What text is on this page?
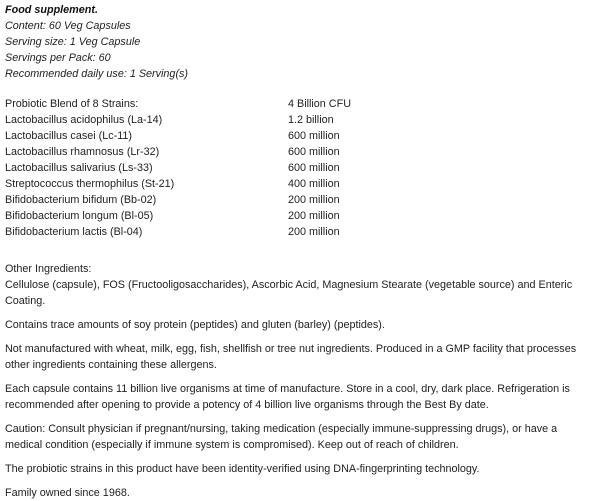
Food supplement.
Content: 60 Veg Capsules
Serving size: 1 Veg Capsule
Servings per Pack: 60
Recommended daily use: 1 Serving(s)
Probiotic Blend of 8 Strains:	4 Billion CFU
Lactobacillus acidophilus (La-14)	1.2 billion
Lactobacillus casei (Lc-11)	600 million
Lactobacillus rhamnosus (Lr-32)	600 million
Lactobacillus salivarius (Ls-33)	600 million
Streptococcus thermophilus (St-21)	400 million
Bifidobacterium bifidum (Bb-02)	200 million
Bifidobacterium longum (Bl-05)	200 million
Bifidobacterium lactis (Bl-04)	200 million
Other Ingredients:
Cellulose (capsule), FOS (Fructooligosaccharides), Ascorbic Acid, Magnesium Stearate (vegetable source) and Enteric Coating.
Contains trace amounts of soy protein (peptides) and gluten (barley) (peptides).
Not manufactured with wheat, milk, egg, fish, shellfish or tree nut ingredients. Produced in a GMP facility that processes other ingredients containing these allergens.
Each capsule contains 11 billion live organisms at time of manufacture. Store in a cool, dry, dark place. Refrigeration is recommended after opening to provide a potency of 4 billion live organisms through the Best By date.
Caution: Consult physician if pregnant/nursing, taking medication (especially immune-suppressing drugs), or have a medical condition (especially if immune system is compromised). Keep out of reach of children.
The probiotic strains in this product have been identity-verified using DNA-fingerprinting technology.
Family owned since 1968.
